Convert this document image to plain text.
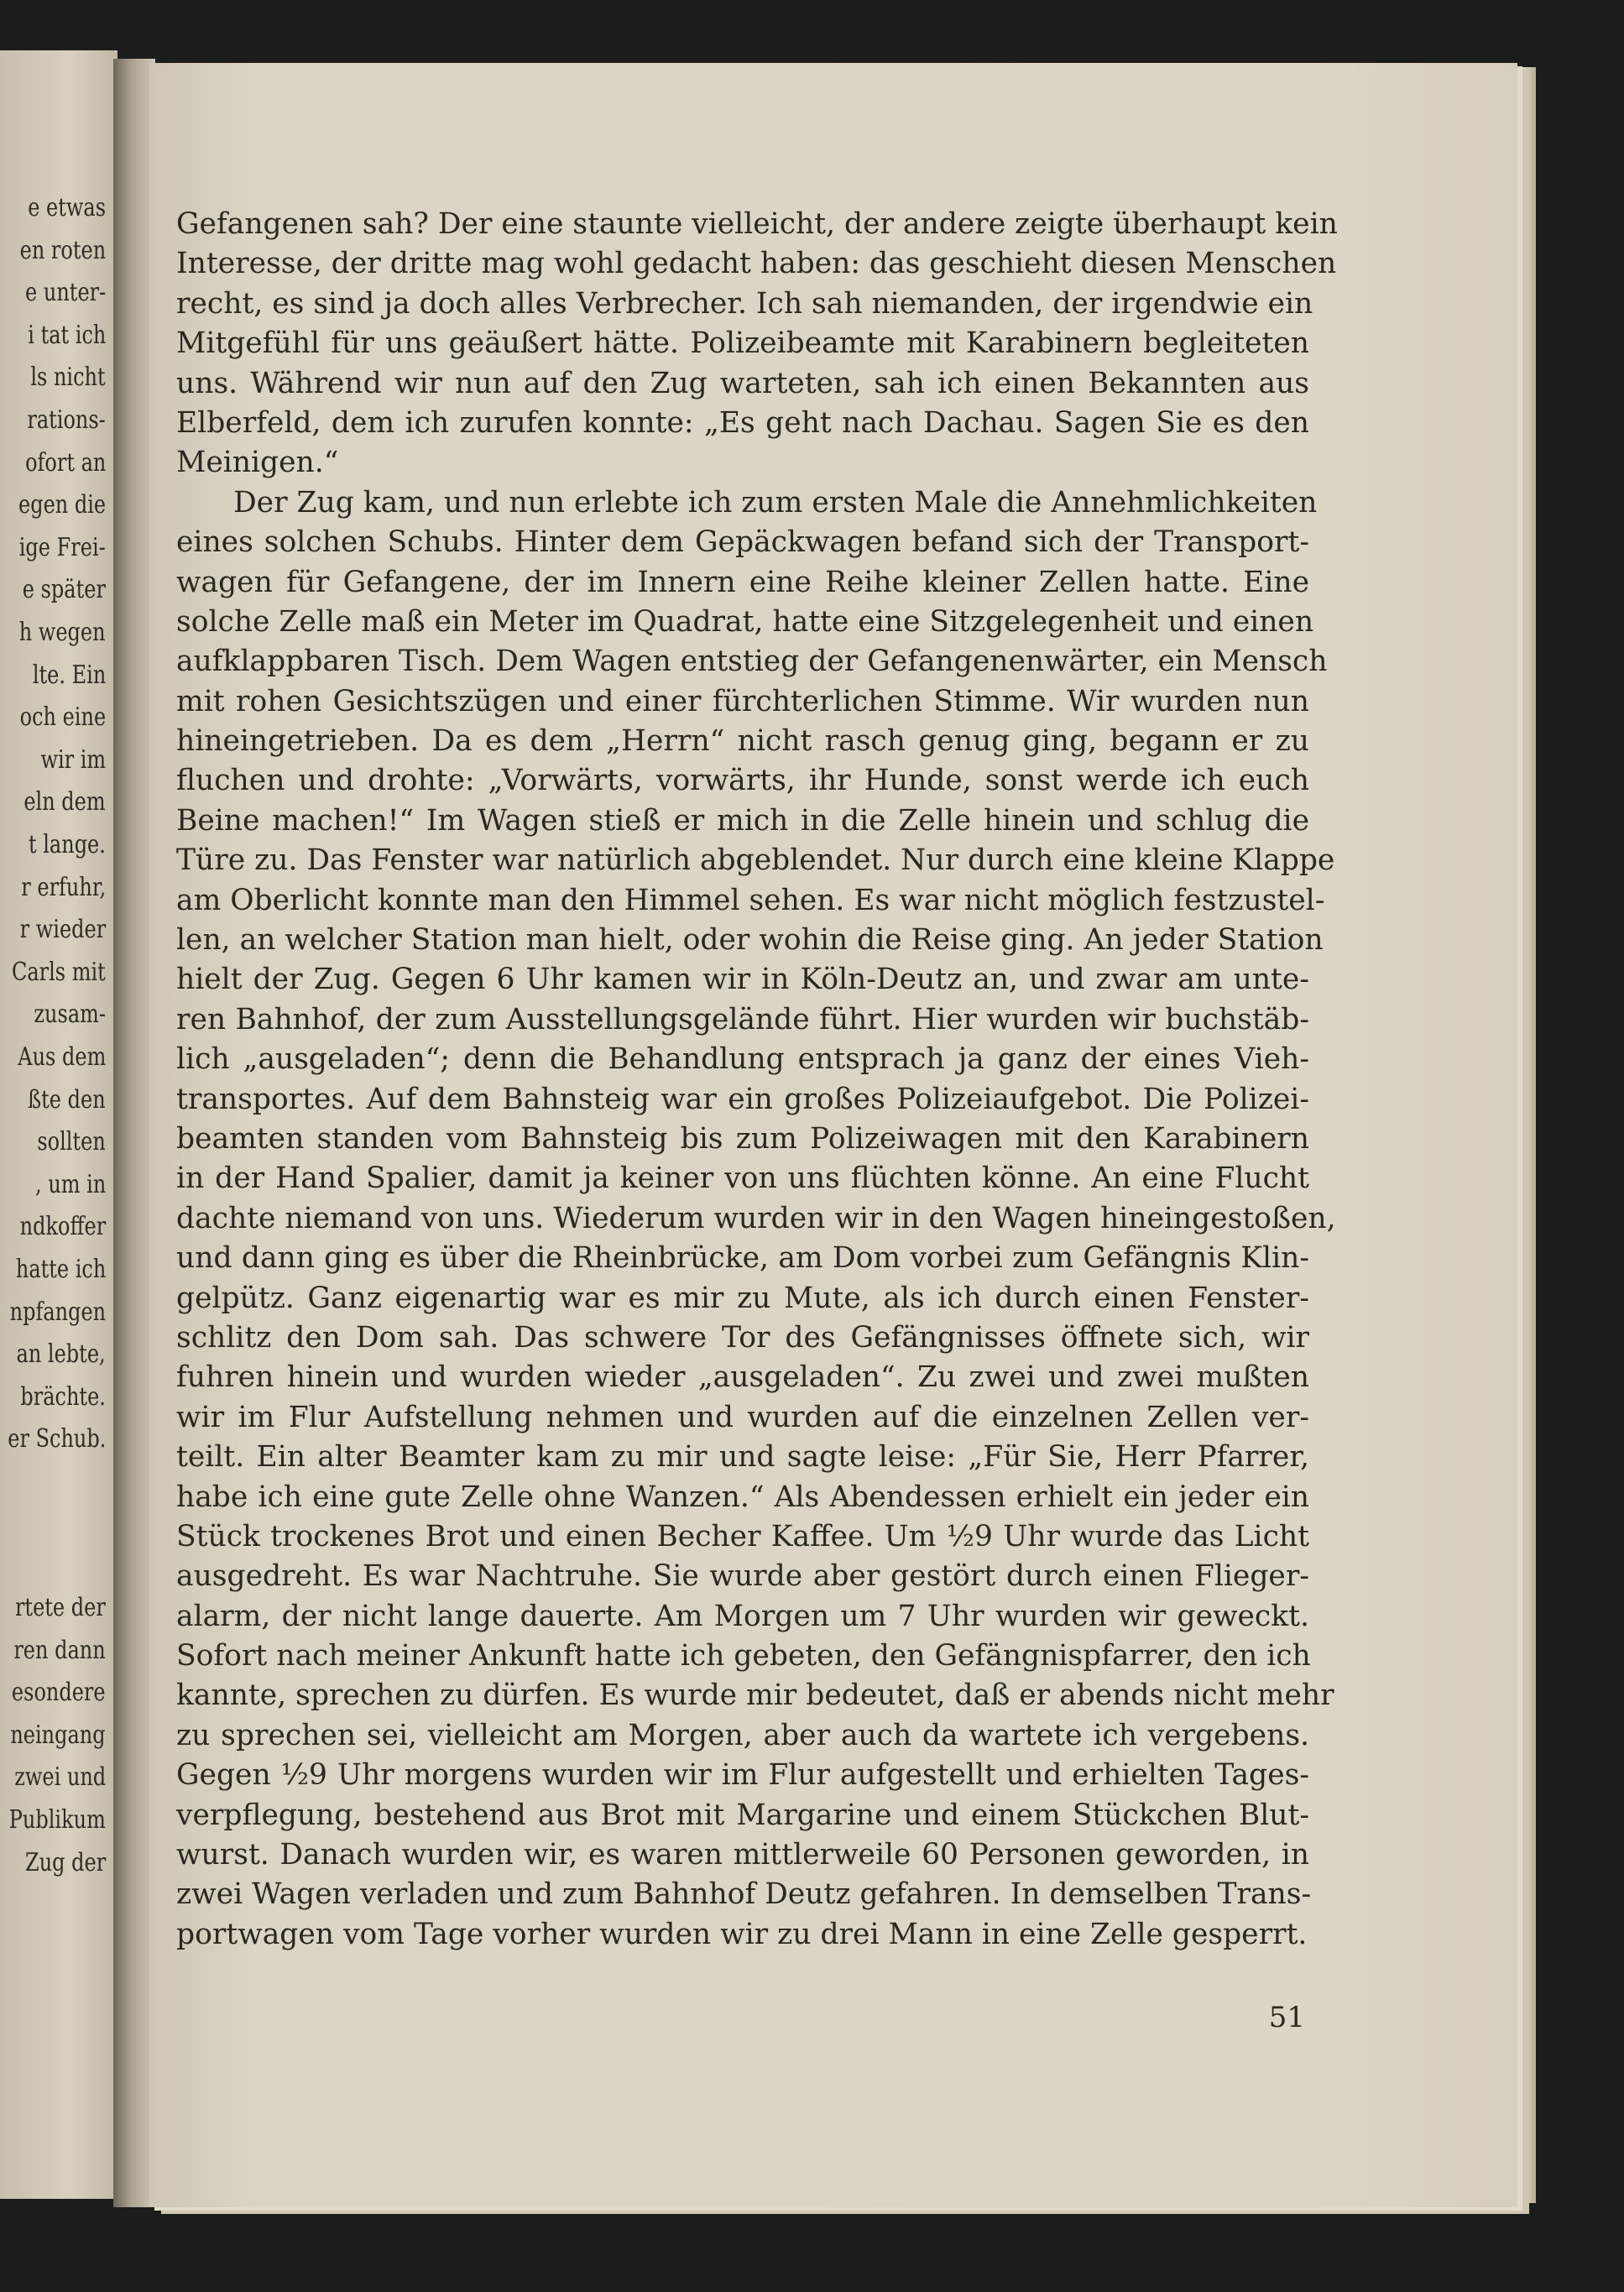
e etwas
en roten
e unter-
i tat ich
ls nicht
rations-
ofort an
egen die
ige Frei-
e später
h wegen
lte. Ein
och eine
wir im
eln dem
t lange.
r erfuhr,
r wieder
Carls mit
zusam-
Aus dem
ßte den
sollten
, um in
ndkoffer
hatte ich
npfangen
an lebte,
brächte.
er Schub.
rtete der
ren dann
esondere
neingang
zwei und
Publikum
Zug der
Gefangenen sah? Der eine staunte vielleicht, der andere zeigte überhaupt kein
Interesse, der dritte mag wohl gedacht haben: das geschieht diesen Menschen
recht, es sind ja doch alles Verbrecher. Ich sah niemanden, der irgendwie ein
Mitgefühl für uns geäußert hätte. Polizeibeamte mit Karabinern begleiteten
uns. Während wir nun auf den Zug warteten, sah ich einen Bekannten aus
Elberfeld, dem ich zurufen konnte: „Es geht nach Dachau. Sagen Sie es den
Meinigen.“
Der Zug kam, und nun erlebte ich zum ersten Male die Annehmlichkeiten
eines solchen Schubs. Hinter dem Gepäckwagen befand sich der Transport-
wagen für Gefangene, der im Innern eine Reihe kleiner Zellen hatte. Eine
solche Zelle maß ein Meter im Quadrat, hatte eine Sitzgelegenheit und einen
aufklappbaren Tisch. Dem Wagen entstieg der Gefangenenwärter, ein Mensch
mit rohen Gesichtszügen und einer fürchterlichen Stimme. Wir wurden nun
hineingetrieben. Da es dem „Herrn“ nicht rasch genug ging, begann er zu
fluchen und drohte: „Vorwärts, vorwärts, ihr Hunde, sonst werde ich euch
Beine machen!“ Im Wagen stieß er mich in die Zelle hinein und schlug die
Türe zu. Das Fenster war natürlich abgeblendet. Nur durch eine kleine Klappe
am Oberlicht konnte man den Himmel sehen. Es war nicht möglich festzustel-
len, an welcher Station man hielt, oder wohin die Reise ging. An jeder Station
hielt der Zug. Gegen 6 Uhr kamen wir in Köln-Deutz an, und zwar am unte-
ren Bahnhof, der zum Ausstellungsgelände führt. Hier wurden wir buchstäb-
lich „ausgeladen“; denn die Behandlung entsprach ja ganz der eines Vieh-
transportes. Auf dem Bahnsteig war ein großes Polizeiaufgebot. Die Polizei-
beamten standen vom Bahnsteig bis zum Polizeiwagen mit den Karabinern
in der Hand Spalier, damit ja keiner von uns flüchten könne. An eine Flucht
dachte niemand von uns. Wiederum wurden wir in den Wagen hineingestoßen,
und dann ging es über die Rheinbrücke, am Dom vorbei zum Gefängnis Klin-
gelpütz. Ganz eigenartig war es mir zu Mute, als ich durch einen Fenster-
schlitz den Dom sah. Das schwere Tor des Gefängnisses öffnete sich, wir
fuhren hinein und wurden wieder „ausgeladen“. Zu zwei und zwei mußten
wir im Flur Aufstellung nehmen und wurden auf die einzelnen Zellen ver-
teilt. Ein alter Beamter kam zu mir und sagte leise: „Für Sie, Herr Pfarrer,
habe ich eine gute Zelle ohne Wanzen.“ Als Abendessen erhielt ein jeder ein
Stück trockenes Brot und einen Becher Kaffee. Um ½9 Uhr wurde das Licht
ausgedreht. Es war Nachtruhe. Sie wurde aber gestört durch einen Flieger-
alarm, der nicht lange dauerte. Am Morgen um 7 Uhr wurden wir geweckt.
Sofort nach meiner Ankunft hatte ich gebeten, den Gefängnispfarrer, den ich
kannte, sprechen zu dürfen. Es wurde mir bedeutet, daß er abends nicht mehr
zu sprechen sei, vielleicht am Morgen, aber auch da wartete ich vergebens.
Gegen ½9 Uhr morgens wurden wir im Flur aufgestellt und erhielten Tages-
verpflegung, bestehend aus Brot mit Margarine und einem Stückchen Blut-
wurst. Danach wurden wir, es waren mittlerweile 60 Personen geworden, in
zwei Wagen verladen und zum Bahnhof Deutz gefahren. In demselben Trans-
portwagen vom Tage vorher wurden wir zu drei Mann in eine Zelle gesperrt.
51
